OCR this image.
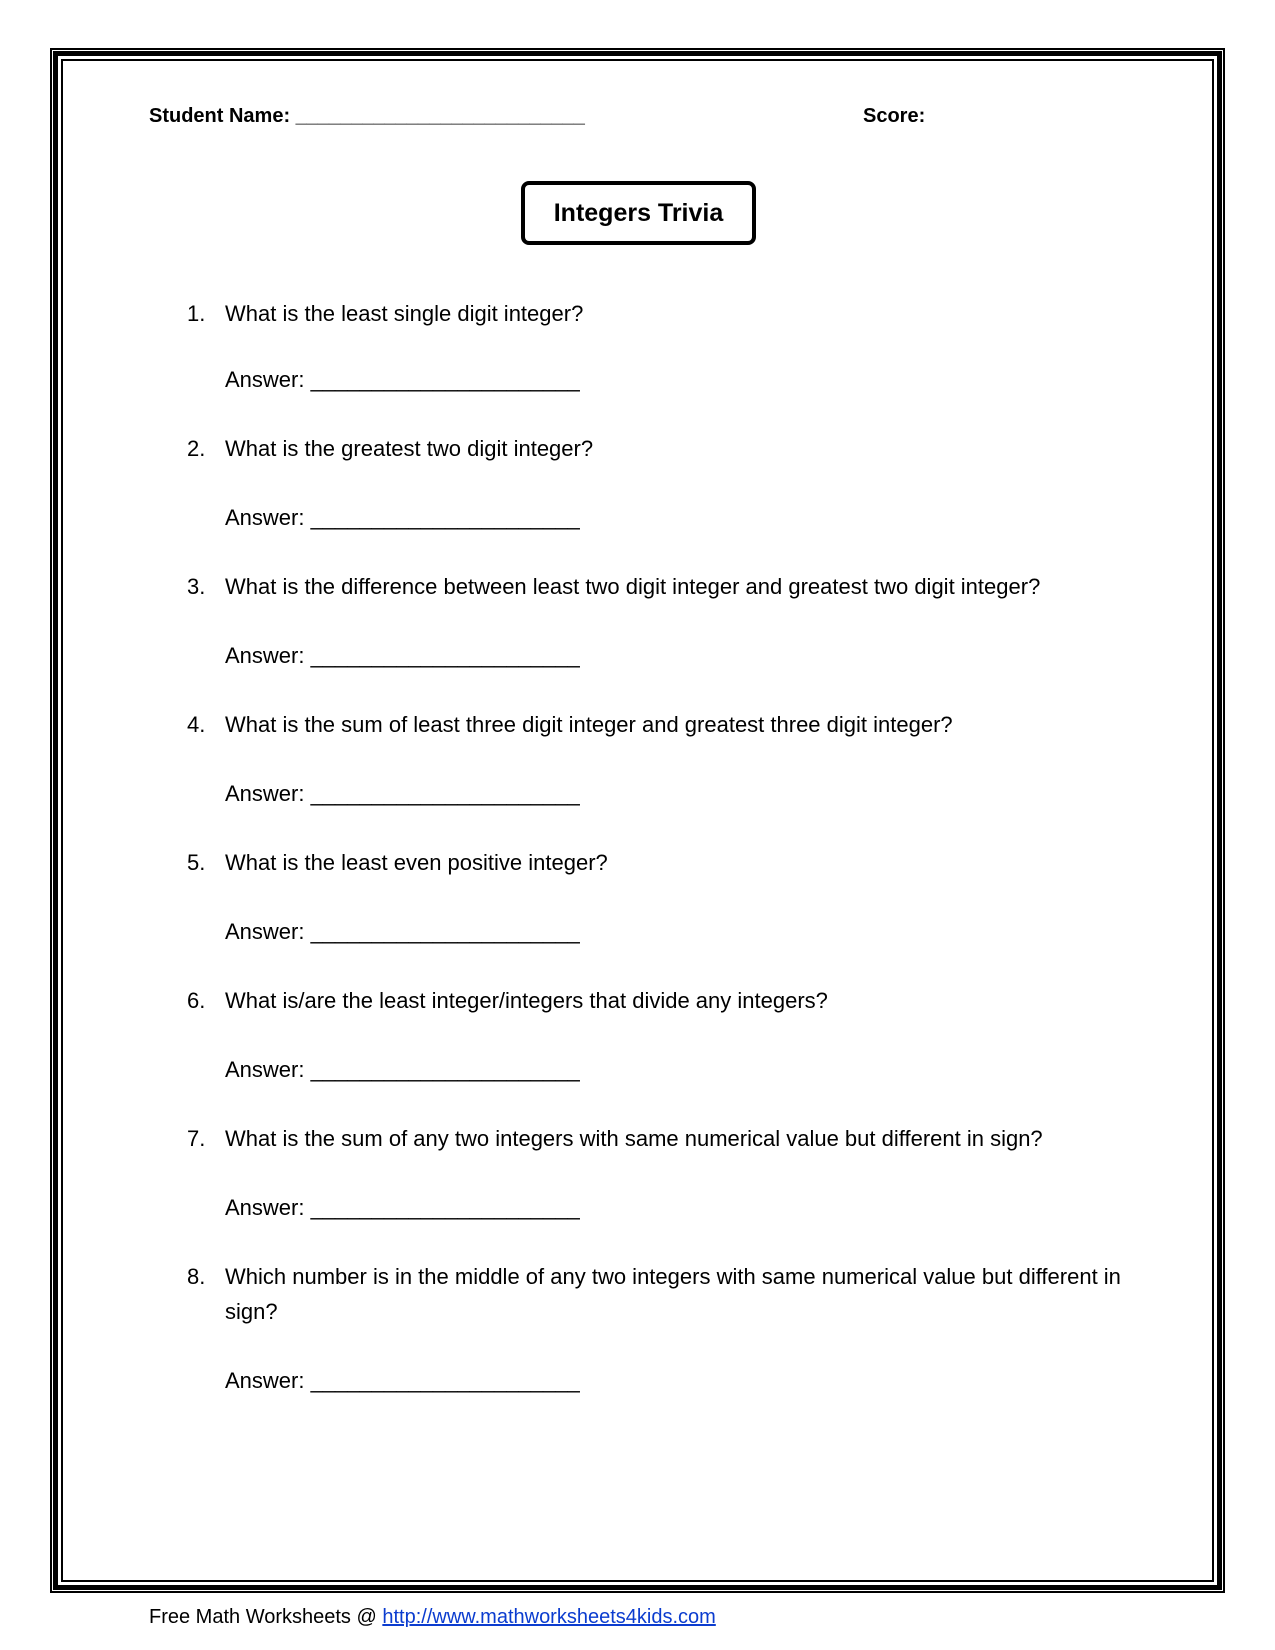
Student Name: __________________________	Score:
Integers Trivia
1. What is the least single digit integer?
Answer: ______________________
2. What is the greatest two digit integer?
Answer: ______________________
3. What is the difference between least two digit integer and greatest two digit integer?
Answer: ______________________
4. What is the sum of least three digit integer and greatest three digit integer?
Answer: ______________________
5. What is the least even positive integer?
Answer: ______________________
6. What is/are the least integer/integers that divide any integers?
Answer: ______________________
7. What is the sum of any two integers with same numerical value but different in sign?
Answer: ______________________
8. Which number is in the middle of any two integers with same numerical value but different in sign?
Answer: ______________________
Free Math Worksheets @ http://www.mathworksheets4kids.com
